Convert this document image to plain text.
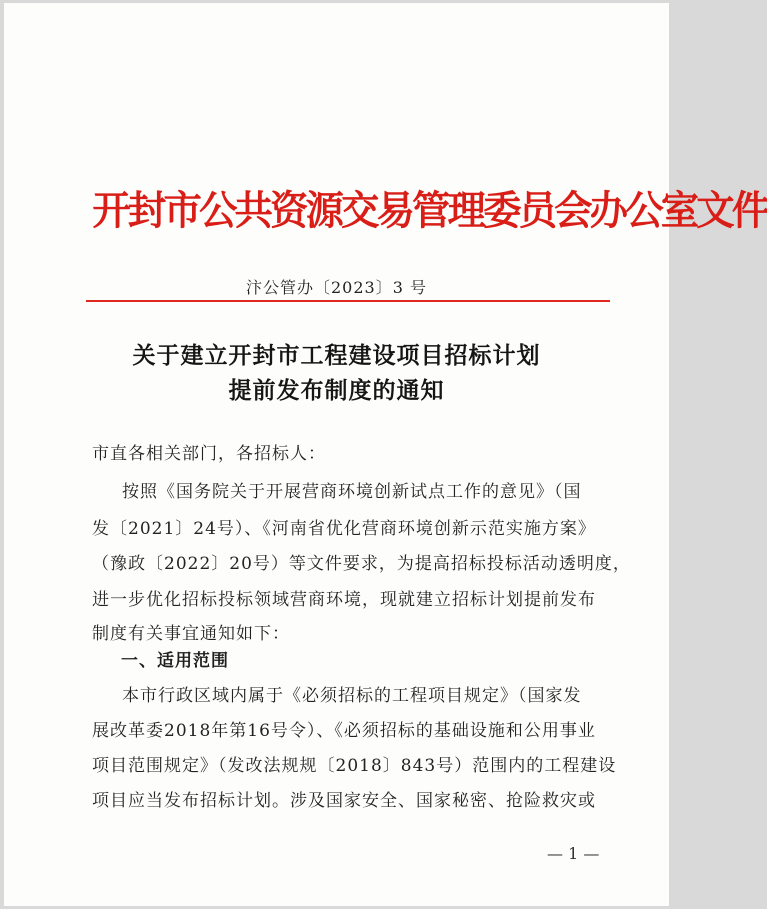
开封市公共资源交易管理委员会办公室文件
汴公管办〔2023〕3 号
关于建立开封市工程建设项目招标计划
提前发布制度的通知
市直各相关部门，各招标人：
按照《国务院关于开展营商环境创新试点工作的意见》（国
发〔2021〕24号）、《河南省优化营商环境创新示范实施方案》
（豫政〔2022〕20号）等文件要求，为提高招标投标活动透明度，
进一步优化招标投标领域营商环境，现就建立招标计划提前发布
制度有关事宜通知如下：
一、适用范围
本市行政区域内属于《必须招标的工程项目规定》（国家发
展改革委2018年第16号令）、《必须招标的基础设施和公用事业
项目范围规定》（发改法规规〔2018〕843号）范围内的工程建设
项目应当发布招标计划。涉及国家安全、国家秘密、抢险救灾或
— 1 —
